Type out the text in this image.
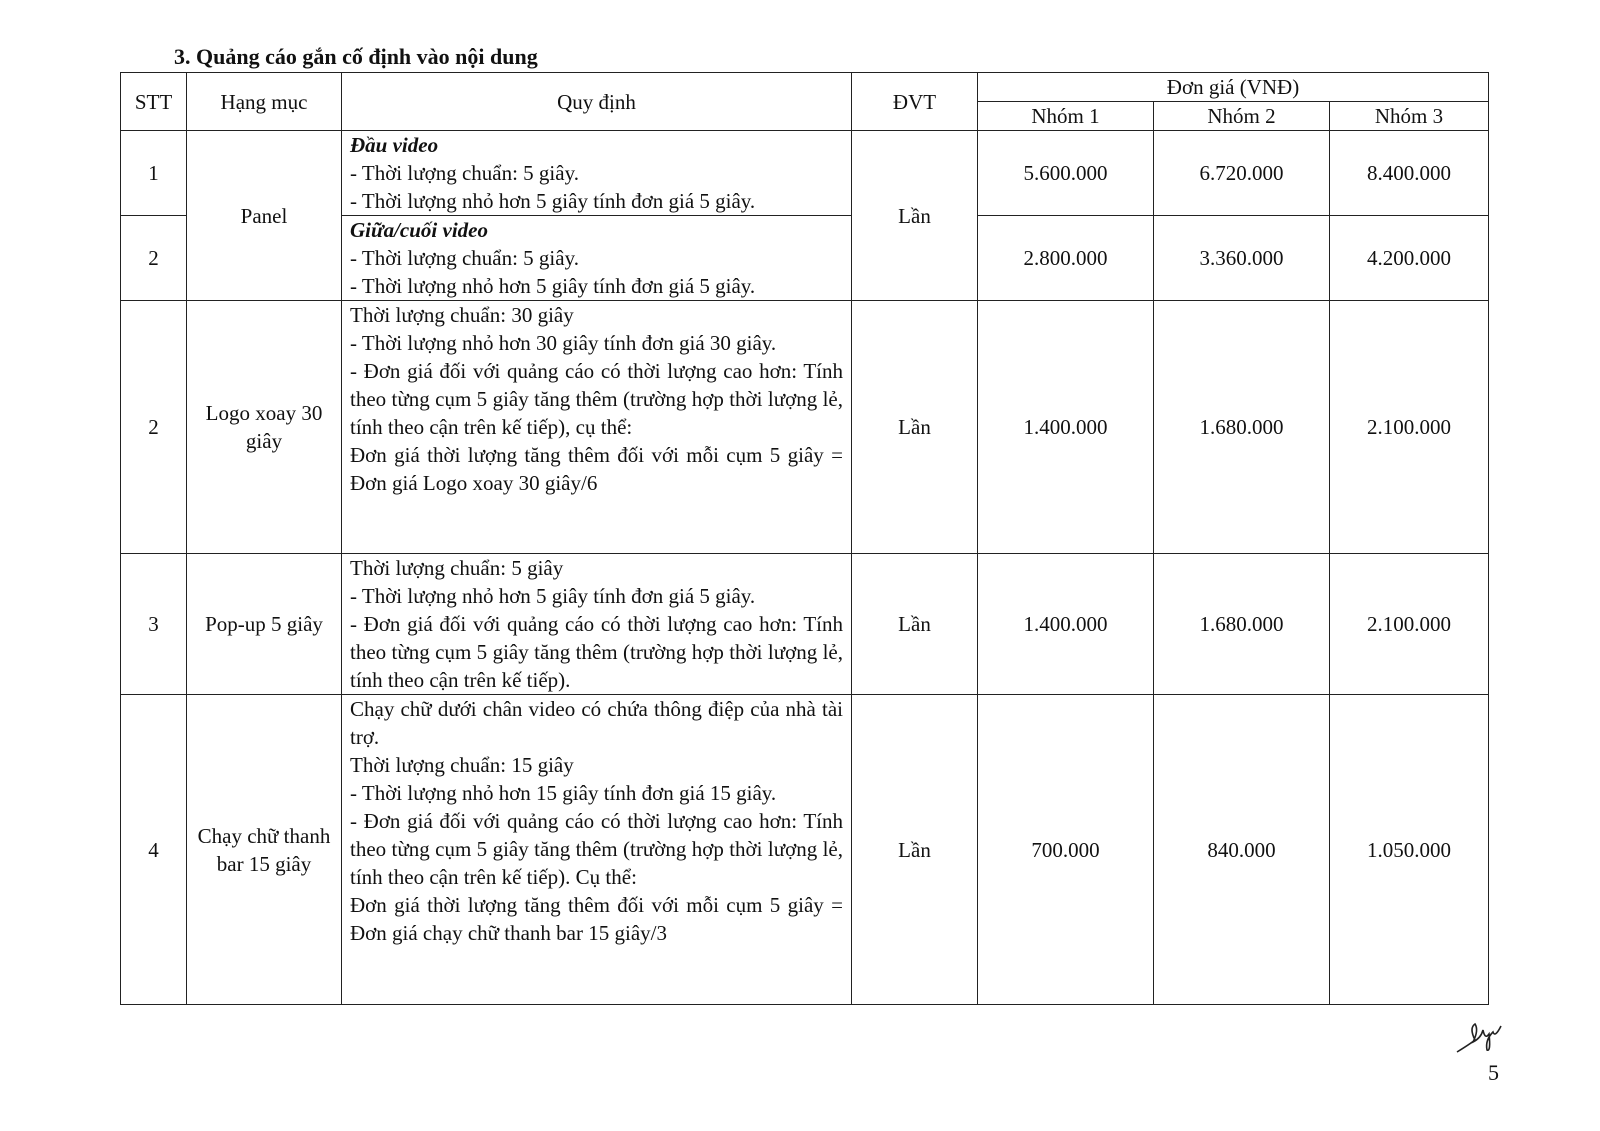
3. Quảng cáo gắn cố định vào nội dung
STT	Hạng mục	Quy định	ĐVT	Đơn giá (VNĐ)		
				Nhóm 1	Nhóm 2	Nhóm 3
1	Panel	Đầu video

- Thời lượng chuẩn: 5 giây.

- Thời lượng nhỏ hơn 5 giây tính đơn giá 5 giây.	Lần	5.600.000	6.720.000	8.400.000
2		Giữa/cuối video

- Thời lượng chuẩn: 5 giây.

- Thời lượng nhỏ hơn 5 giây tính đơn giá 5 giây.		2.800.000	3.360.000	4.200.000
2	Logo xoay 30 giây	Thời lượng chuẩn: 30 giây

- Thời lượng nhỏ hơn 30 giây tính đơn giá 30 giây.

- Đơn giá đối với quảng cáo có thời lượng cao hơn: Tính theo từng cụm 5 giây tăng thêm (trường hợp thời lượng lẻ, tính theo cận trên kế tiếp), cụ thể:

Đơn giá thời lượng tăng thêm đối với mỗi cụm 5 giây = Đơn giá Logo xoay 30 giây/6	Lần	1.400.000	1.680.000	2.100.000
3	Pop-up 5 giây	Thời lượng chuẩn: 5 giây

- Thời lượng nhỏ hơn 5 giây tính đơn giá 5 giây.

- Đơn giá đối với quảng cáo có thời lượng cao hơn: Tính theo từng cụm 5 giây tăng thêm (trường hợp thời lượng lẻ, tính theo cận trên kế tiếp).	Lần	1.400.000	1.680.000	2.100.000
4	Chạy chữ thanh bar 15 giây	Chạy chữ dưới chân video có chứa thông điệp của nhà tài trợ.

Thời lượng chuẩn: 15 giây

- Thời lượng nhỏ hơn 15 giây tính đơn giá 15 giây.

- Đơn giá đối với quảng cáo có thời lượng cao hơn: Tính theo từng cụm 5 giây tăng thêm (trường hợp thời lượng lẻ, tính theo cận trên kế tiếp). Cụ thể:

Đơn giá thời lượng tăng thêm đối với mỗi cụm 5 giây = Đơn giá chạy chữ thanh bar 15 giây/3	Lần	700.000	840.000	1.050.000
5
